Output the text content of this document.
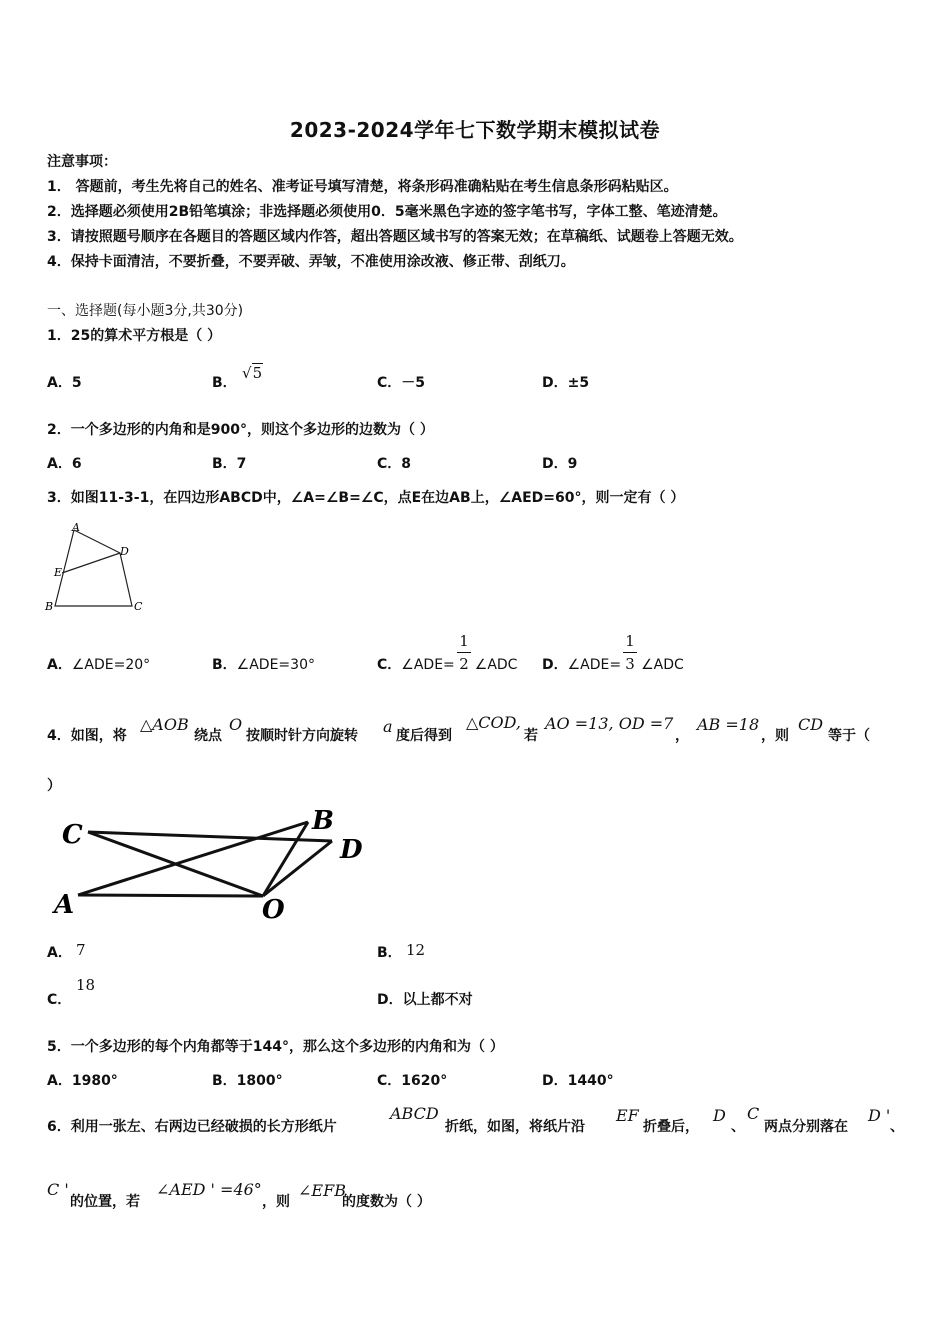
2023-2024学年七下数学期末模拟试卷
注意事项：
1． 答题前，考生先将自己的姓名、准考证号填写清楚，将条形码准确粘贴在考生信息条形码粘贴区。
2．选择题必须使用2B铅笔填涂；非选择题必须使用0．5毫米黑色字迹的签字笔书写，字体工整、笔迹清楚。
3．请按照题号顺序在各题目的答题区域内作答，超出答题区域书写的答案无效；在草稿纸、试题卷上答题无效。
4．保持卡面清洁，不要折叠，不要弄破、弄皱，不准使用涂改液、修正带、刮纸刀。
一、选择题(每小题3分,共30分)
1．25的算术平方根是（ ）
A．5	B．
√5
C．－5	D．±5
2．一个多边形的内角和是900°，则这个多边形的边数为（ ）
A．6	B．7	C．8	D．9
3．如图11-3-1，在四边形ABCD中，∠A=∠B=∠C，点E在边AB上，∠AED=60°，则一定有（ ）
A
D
E
B	C
A．∠ADE=20°	B．∠ADE=30°	C．∠ADE= ∠ADC
1
2	D．∠ADE= ∠ADC
1
3
4．如图，将
△AOB
绕点
O
按顺时针方向旋转 a 度后得到
△COD,
若
AO =13, OD =7
，
AB =18
，则
CD
等于（
）
C	B
D
A	O
A． 7	B． 12
C．
18
D．以上都不对
5．一个多边形的每个内角都等于144°，那么这个多边形的内角和为（ ）
A．1980°	B．1800°	C．1620°	D．1440°
6．利用一张左、右两边已经破损的长方形纸片
ABCD
折纸，如图，将纸片沿
EF
折叠后，
D
、
C
两点分别落在
D '
、
C '
的位置，若
∠AED ' =46°
，则
∠EFB
的度数为（ ）
